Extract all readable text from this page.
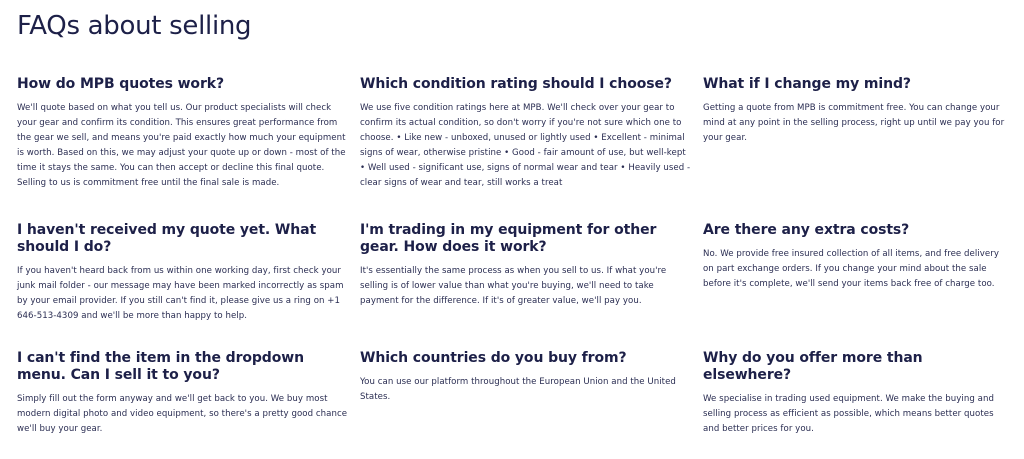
FAQs about selling
How do MPB quotes work?

We'll quote based on what you tell us. Our product specialists will check your gear and confirm its condition. This ensures great performance from the gear we sell, and means you're paid exactly how much your equipment is worth. Based on this, we may adjust your quote up or down - most of the time it stays the same. You can then accept or decline this final quote. Selling to us is commitment free until the final sale is made.

Which condition rating should I choose?

We use five condition ratings here at MPB. We'll check over your gear to confirm its actual condition, so don't worry if you're not sure which one to choose. • Like new - unboxed, unused or lightly used • Excellent - minimal signs of wear, otherwise pristine • Good - fair amount of use, but well-kept • Well used - significant use, signs of normal wear and tear • Heavily used - clear signs of wear and tear, still works a treat

What if I change my mind?

Getting a quote from MPB is commitment free. You can change your mind at any point in the selling process, right up until we pay you for your gear.

I haven't received my quote yet. What should I do?

If you haven't heard back from us within one working day, first check your junk mail folder - our message may have been marked incorrectly as spam by your email provider. If you still can't find it, please give us a ring on +1 646-513-4309 and we'll be more than happy to help.

I'm trading in my equipment for other gear. How does it work?

It's essentially the same process as when you sell to us. If what you're selling is of lower value than what you're buying, we'll need to take payment for the difference. If it's of greater value, we'll pay you.

Are there any extra costs?

No. We provide free insured collection of all items, and free delivery on part exchange orders. If you change your mind about the sale before it's complete, we'll send your items back free of charge too.

I can't find the item in the dropdown menu. Can I sell it to you?

Simply fill out the form anyway and we'll get back to you. We buy most modern digital photo and video equipment, so there's a pretty good chance we'll buy your gear.

Which countries do you buy from?

You can use our platform throughout the European Union and the United States.

Why do you offer more than elsewhere?

We specialise in trading used equipment. We make the buying and selling process as efficient as possible, which means better quotes and better prices for you.
